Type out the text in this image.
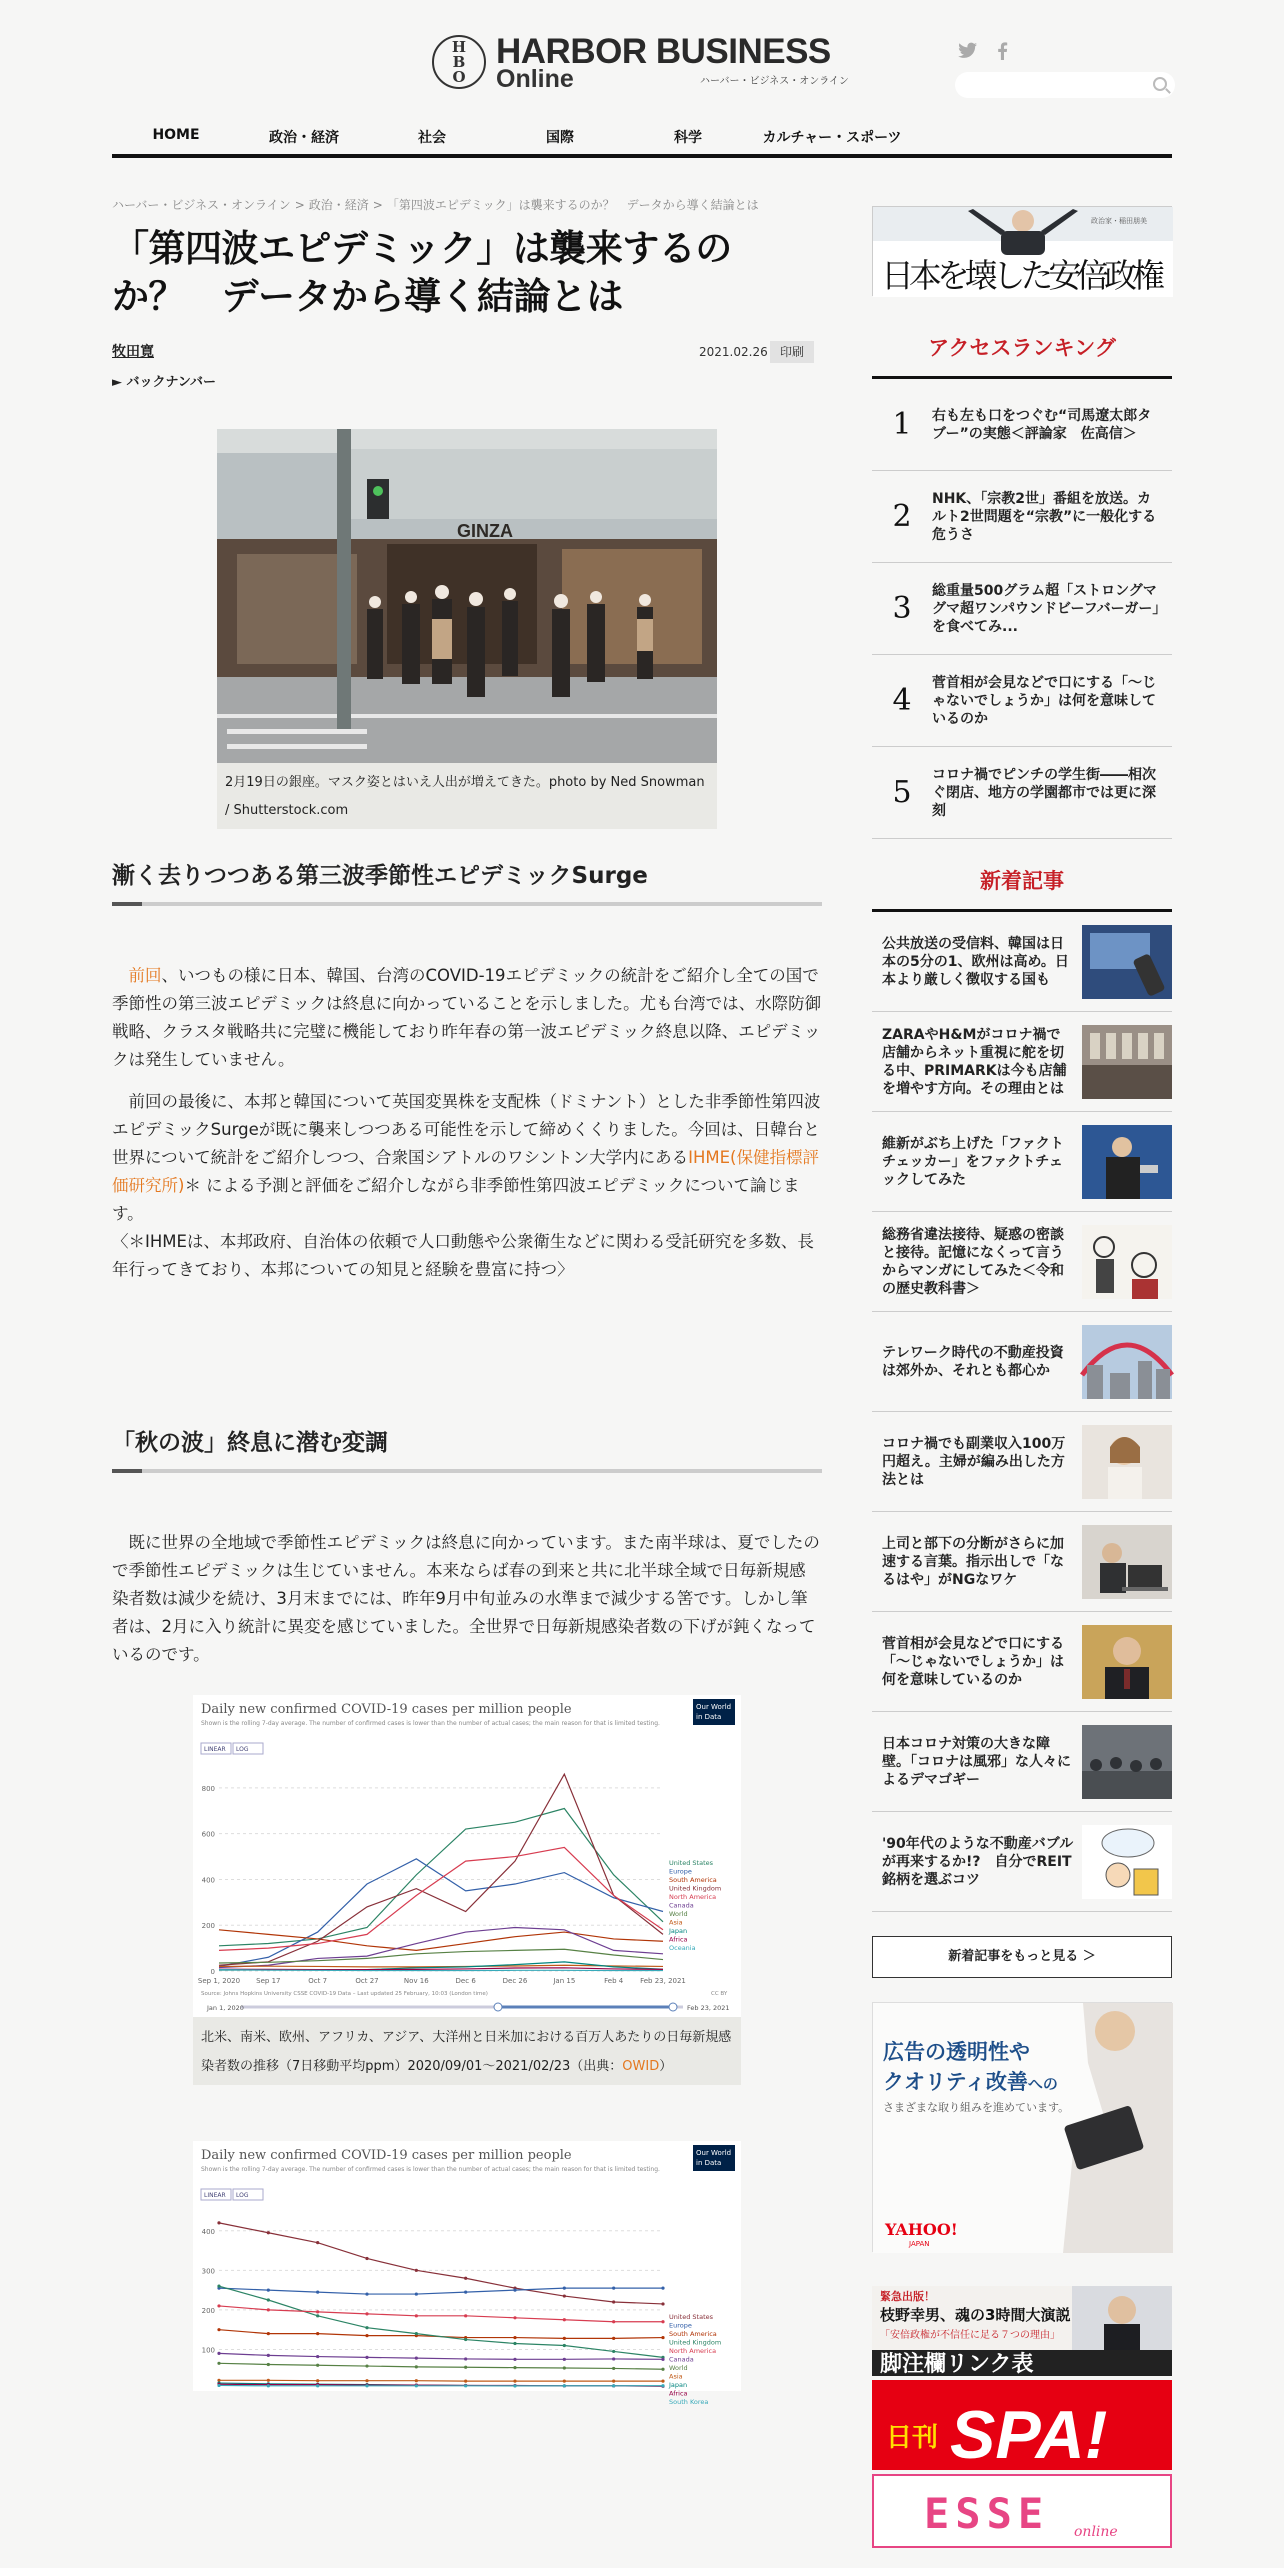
H
B
O
HARBOR BUSINESS
Online	ハーバー・ビジネス・オンライン
HOME	政治・経済	社会	国際	科学	カルチャー・スポーツ
ハーバー・ビジネス・オンライン > 政治・経済 > 「第四波エピデミック」は襲来するのか？　データから導く結論とは
「第四波エピデミック」は襲来するのか？　データから導く結論とは
牧田寛
► バックナンバー
2021.02.26	印刷
GINZA
2月19日の銀座。マスク姿とはいえ人出が増えてきた。photo by Ned Snowman / Shutterstock.com
漸く去りつつある第三波季節性エピデミックSurge

前回、いつもの様に日本、韓国、台湾のCOVID-19エピデミックの統計をご紹介し全ての国で季節性の第三波エピデミックは終息に向かっていることを示しました。尤も台湾では、水際防御戦略、クラスタ戦略共に完璧に機能しており昨年春の第一波エピデミック終息以降、エピデミックは発生していません。

前回の最後に、本邦と韓国について英国変異株を支配株（ドミナント）とした非季節性第四波エピデミックSurgeが既に襲来しつつある可能性を示して締めくくりました。今回は、日韓台と世界について統計をご紹介しつつ、合衆国シアトルのワシントン大学内にあるIHME(保健指標評価研究所)＊ による予測と評価をご紹介しながら非季節性第四波エピデミックについて論じます。

〈＊IHMEは、本邦政府、自治体の依頼で人口動態や公衆衛生などに関わる受託研究を多数、長年行ってきており、本邦についての知見と経験を豊富に持つ〉

「秋の波」終息に潜む変調

既に世界の全地域で季節性エピデミックは終息に向かっています。また南半球は、夏でしたので季節性エピデミックは生じていません。本来ならば春の到来と共に北半球全域で日毎新規感染者数は減少を続け、3月末までには、昨年9月中旬並みの水準まで減少する筈です。しかし筆者は、2月に入り統計に異変を感じていました。全世界で日毎新規感染者数の下げが鈍くなっているのです。

Daily new confirmed COVID-19 cases per million people
Shown is the rolling 7-day average. The number of confirmed cases is lower than the number of actual cases; the main reason for that is limited testing.
Our World
in Data
LINEAR LOG
0
200
400
600
800
Sep 1, 2020 Sep 17	Oct 7	Oct 27	Nov 16	Dec 6	Dec 26	Jan 15	Feb 4 Feb 23, 2021
United States
Europe
South America
United Kingdom
North America
Canada
World
Asia
Japan
Africa
Oceania
Source: Johns Hopkins University CSSE COVID-19 Data – Last updated 25 February, 10:03 (London time)	CC BY
Jan 1, 2020	Feb 23, 2021
北米、南米、欧州、アフリカ、アジア、大洋州と日米加における百万人あたりの日毎新規感染者数の推移（7日移動平均ppm）2020/09/01〜2021/02/23（出典：OWID）
Daily new confirmed COVID-19 cases per million people
Shown is the rolling 7-day average. The number of confirmed cases is lower than the number of actual cases; the main reason for that is limited testing.
Our World
in Data
LINEAR LOG
100
200
300
400
United States
Europe
South America
United Kingdom
North America
Canada
World
Asia
Japan
Africa
South Korea
政治家・稲田朋美
日本を壊した安倍政権
アクセスランキング
1	右も左も口をつぐむ“司馬遼太郎タブー”の実態＜評論家　佐高信＞
2
NHK、「宗教2世」番組を放送。カルト2世問題を“宗教”に一般化する危うさ
3
総重量500グラム超「ストロングマグマ超ワンパウンドビーフバーガー」を食べてみ...
4
菅首相が会見などで口にする「～じゃないでしょうか」は何を意味しているのか
5
コロナ禍でピンチの学生街――相次ぐ閉店、地方の学園都市では更に深刻
新着記事
公共放送の受信料、韓国は日本の5分の1、欧州は高め。日本より厳しく徴収する国も
ZARAやH&Mがコロナ禍で店舗からネット重視に舵を切る中、PRIMARKは今も店舗を増やす方向。その理由とは
維新がぶち上げた「ファクトチェッカー」をファクトチェックしてみた
総務省違法接待、疑惑の密談と接待。記憶になくって言うからマンガにしてみた＜令和の歴史教科書＞
テレワーク時代の不動産投資は郊外か、それとも都心か
コロナ禍でも副業収入100万円超え。主婦が編み出した方法とは
上司と部下の分断がさらに加速する言葉。指示出しで「なるはや」がNGなワケ
菅首相が会見などで口にする「～じゃないでしょうか」は何を意味しているのか
日本コロナ対策の大きな障壁。「コロナは風邪」な人々によるデマゴギー
'90年代のような不動産バブルが再来するか!?　自分でREIT銘柄を選ぶコツ
新着記事をもっと見る ＞
広告の透明性や
クオリティ改善への
さまざまな取り組みを進めています。
YAHOO!
JAPAN
緊急出版！
枝野幸男、魂の3時間大演説
「安倍政権が不信任に足る７つの理由」
脚注欄リンク表
日刊 SPA!
ESSE online
